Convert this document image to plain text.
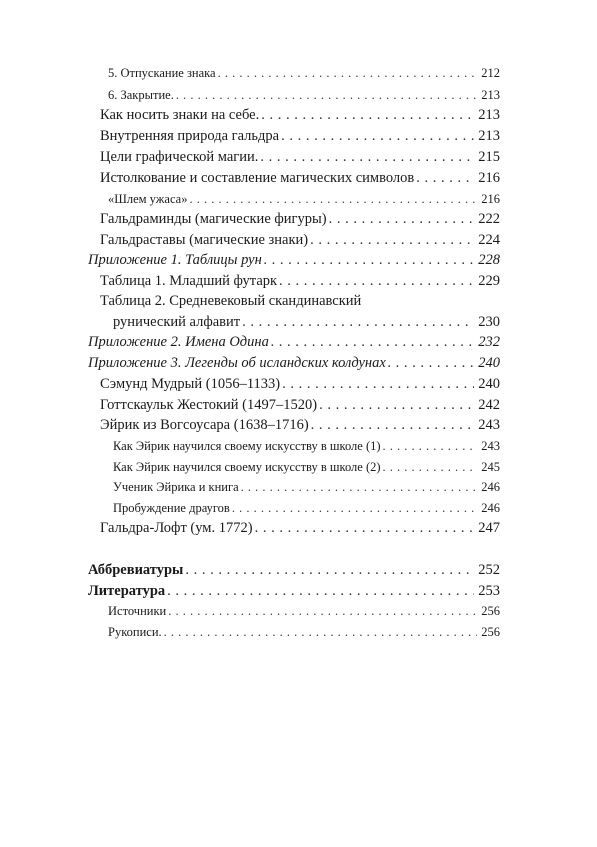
5. Отпускание знака . . .	212
6. Закрытие. . . .	213
Как носить знаки на себе. . . .	213
Внутренняя природа гальдра . . .	213
Цели графической магии. . . .	215
Истолкование и составление магических символов . . .	216
«Шлем ужаса» . . .	216
Гальдраминды (магические фигуры) . . .	222
Гальдраставы (магические знаки) . . .	224
Приложение 1. Таблицы рун . . .	228
Таблица 1. Младший футарк . . .	229
Таблица 2. Средневековый скандинавский
рунический алфавит . . .	230
Приложение 2. Имена Одина . . .	232
Приложение 3. Легенды об исландских колдунах . . .	240
Сэмунд Мудрый (1056–1133) . . .	240
Готтскаульк Жестокий (1497–1520) . . .	242
Эйрик из Вогсоусара (1638–1716) . . .	243
Как Эйрик научился своему искусству в школе (1) . . .	243
Как Эйрик научился своему искусству в школе (2) . . .	245
Ученик Эйрика и книга . . .	246
Пробуждение драугов . . .	246
Гальдра-Лофт (ум. 1772) . . .	247
Аббревиатуры . . .	252
Литература . . .	253
Источники . . .	256
Рукописи. . . .	256
